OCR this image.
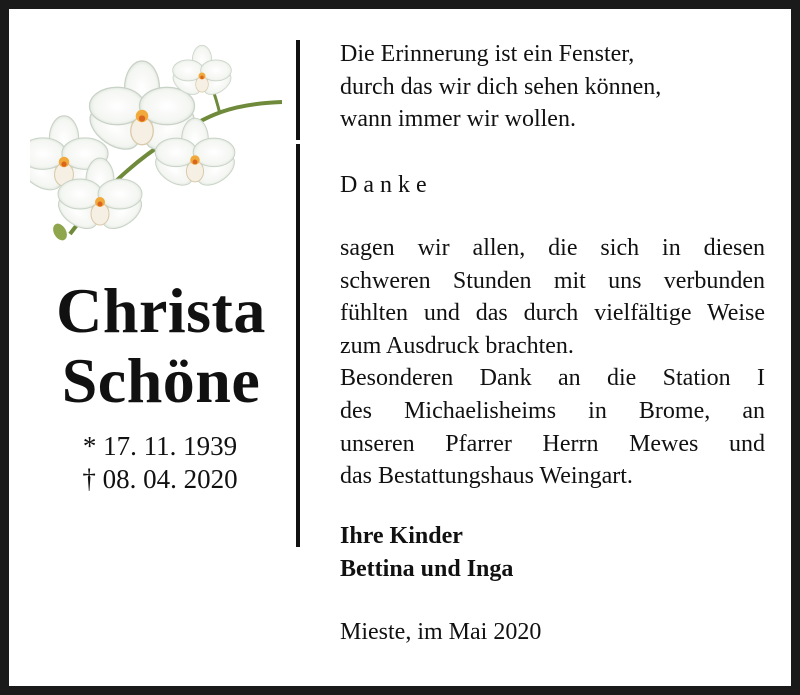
Christa
Schöne
* 17. 11. 1939
† 08. 04. 2020
Die Erinnerung ist ein Fenster,
durch das wir dich sehen können,
wann immer wir wollen.
Danke
sagen wir allen, die sich in diesen
schweren Stunden mit uns verbunden
fühlten und das durch vielfältige Weise
zum Ausdruck brachten.
Besonderen Dank an die Station I
des Michaelisheims in Brome, an
unseren Pfarrer Herrn Mewes und
das Bestattungshaus Weingart.
Ihre Kinder
Bettina und Inga
Mieste, im Mai 2020
